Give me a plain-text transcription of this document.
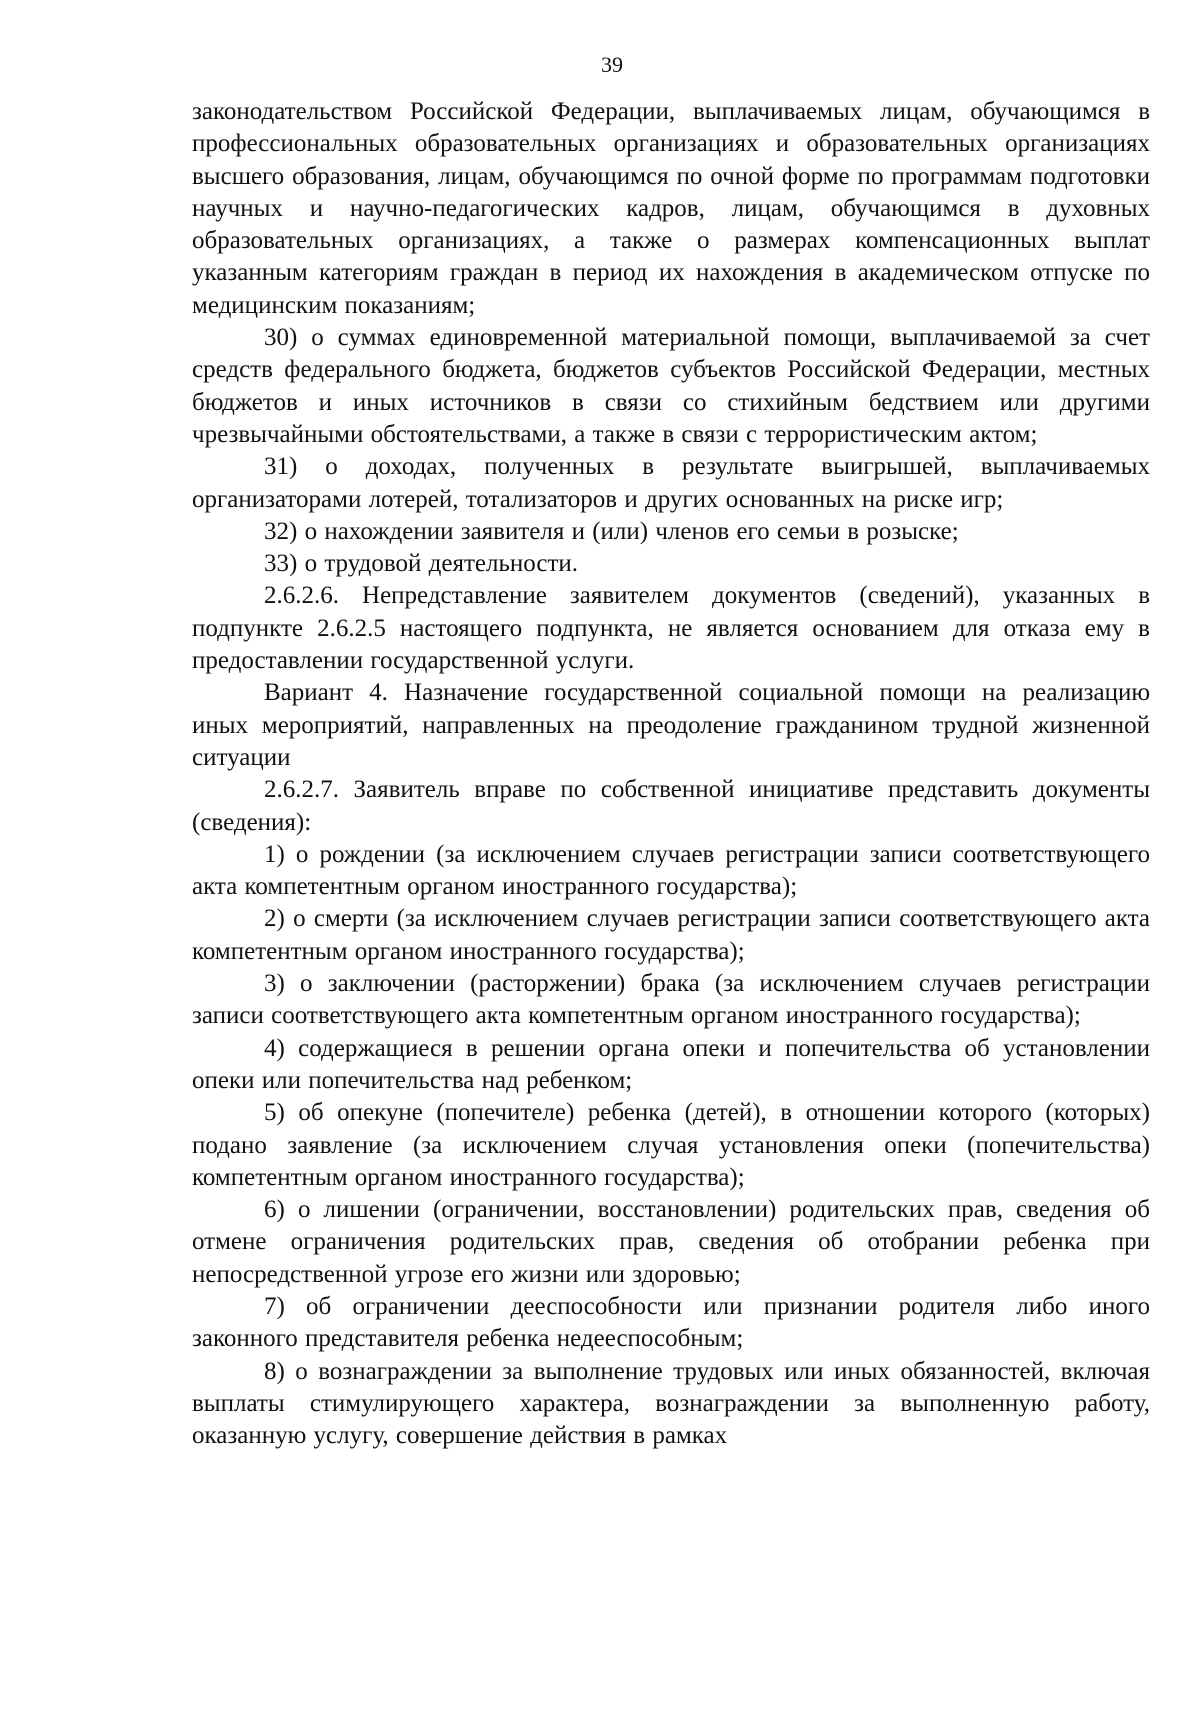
39

законодательством Российской Федерации, выплачиваемых лицам, обучающимся в профессиональных образовательных организациях и образовательных организациях высшего образования, лицам, обучающимся по очной форме по программам подготовки научных и научно-педагогических кадров, лицам, обучающимся в духовных образовательных организациях, а также о размерах компенсационных выплат указанным категориям граждан в период их нахождения в академическом отпуске по медицинским показаниям;

30) о суммах единовременной материальной помощи, выплачиваемой за счет средств федерального бюджета, бюджетов субъектов Российской Федерации, местных бюджетов и иных источников в связи со стихийным бедствием или другими чрезвычайными обстоятельствами, а также в связи с террористическим актом;

31) о доходах, полученных в результате выигрышей, выплачиваемых организаторами лотерей, тотализаторов и других основанных на риске игр;

32) о нахождении заявителя и (или) членов его семьи в розыске;

33) о трудовой деятельности.

2.6.2.6. Непредставление заявителем документов (сведений), указанных в подпункте 2.6.2.5 настоящего подпункта, не является основанием для отказа ему в предоставлении государственной услуги.

Вариант 4. Назначение государственной социальной помощи на реализацию иных мероприятий, направленных на преодоление гражданином трудной жизненной ситуации

2.6.2.7. Заявитель вправе по собственной инициативе представить документы (сведения):

1) о рождении (за исключением случаев регистрации записи соответствующего акта компетентным органом иностранного государства);

2) о смерти (за исключением случаев регистрации записи соответствующего акта компетентным органом иностранного государства);

3) о заключении (расторжении) брака (за исключением случаев регистрации записи соответствующего акта компетентным органом иностранного государства);

4) содержащиеся в решении органа опеки и попечительства об установлении опеки или попечительства над ребенком;

5) об опекуне (попечителе) ребенка (детей), в отношении которого (которых) подано заявление (за исключением случая установления опеки (попечительства) компетентным органом иностранного государства);

6) о лишении (ограничении, восстановлении) родительских прав, сведения об отмене ограничения родительских прав, сведения об отобрании ребенка при непосредственной угрозе его жизни или здоровью;

7) об ограничении дееспособности или признании родителя либо иного законного представителя ребенка недееспособным;

8) о вознаграждении за выполнение трудовых или иных обязанностей, включая выплаты стимулирующего характера, вознаграждении за выполненную работу, оказанную услугу, совершение действия в рамках
